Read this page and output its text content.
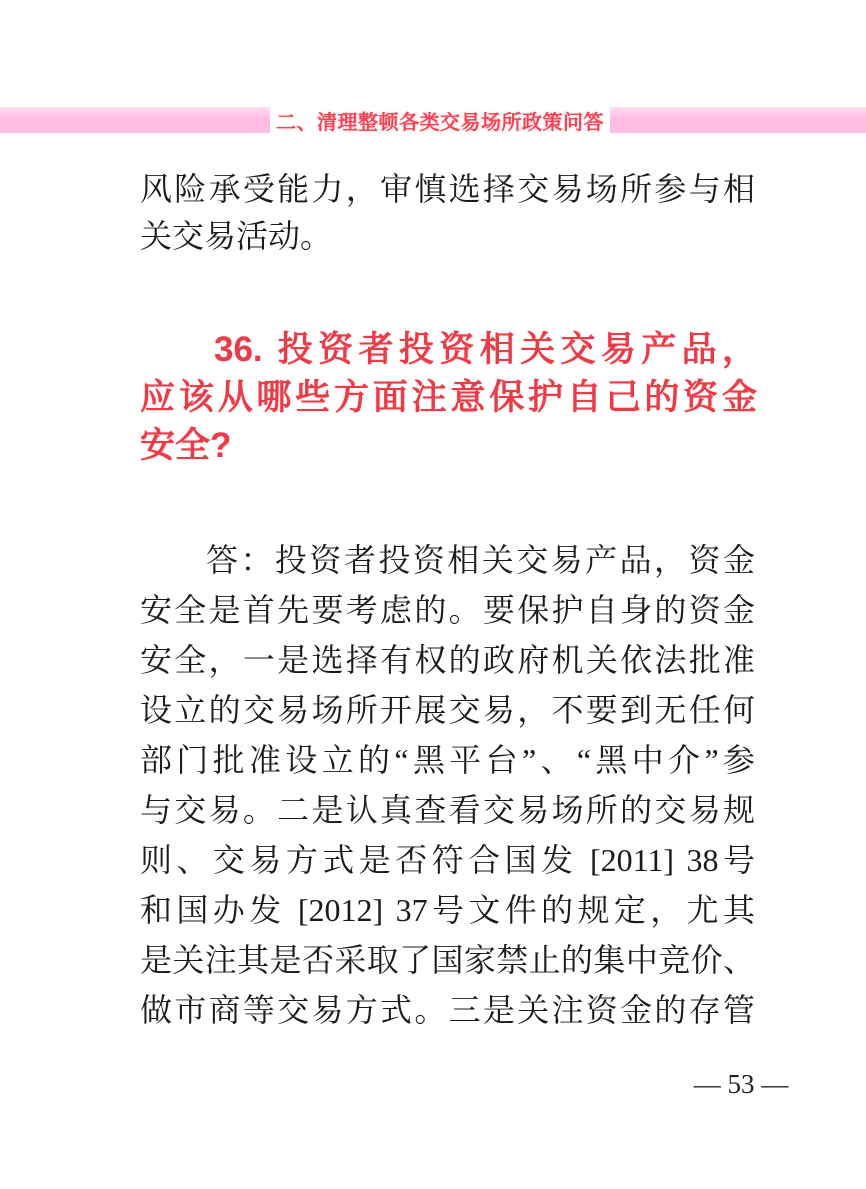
二、清理整顿各类交易场所政策问答
风险承受能力，审慎选择交易场所参与相
关交易活动。
36. 投资者投资相关交易产品，
应该从哪些方面注意保护自己的资金
安全?
答：投资者投资相关交易产品，资金
安全是首先要考虑的。要保护自身的资金
安全，一是选择有权的政府机关依法批准
设立的交易场所开展交易，不要到无任何
部门批准设立的“黑平台”、“黑中介”参
与交易。二是认真查看交易场所的交易规
则、交易方式是否符合国发 [2011] 38号
和国办发 [2012] 37号文件的规定，尤其
是关注其是否采取了国家禁止的集中竞价、
做市商等交易方式。三是关注资金的存管
— 53 —
